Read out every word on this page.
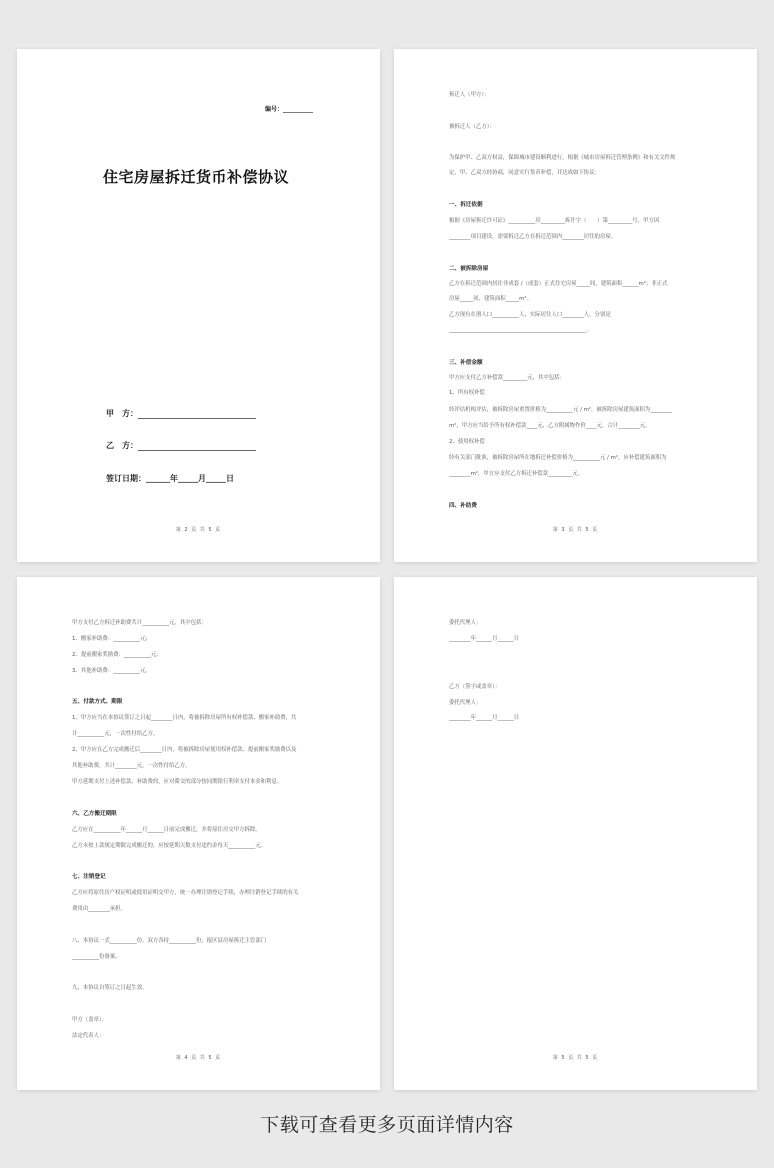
编号：__________
住宅房屋拆迁货币补偿协议
甲　方：
乙　方：
签订日期：______年_____月_____日
第 2 页 共 5 页
拆迁人（甲方）：
被拆迁人（乙方）：
为保护甲、乙双方权益，保障城市建设顺利进行，根据《城市房屋拆迁管理条例》和有关文件规
定，甲、乙双方经协商，同意实行货币补偿，并达成如下协议：
一、拆迁依据
根据《房屋拆迁许可证》__________房_________拆许字（　　）第_________号，甲方因
________项目建设，需要拆迁乙方在拆迁范围内________居住的房屋。
二、被拆除房屋
乙方在拆迁范围内居住非成套 /（成套）正式住宅房屋_____间，建筑面积______m²；非正式
房屋_____间，建筑面积_____m²。
乙方现有在册人口__________人，实际居住人口________人，分别是
___________________________________________________。
三、补偿金额
甲方应支付乙方补偿款_________元，其中包括：
1、所有权补偿
经评估机构评估，被拆除房屋重置价格为__________元 / m²，被拆除房屋建筑面积为________
m²，甲方应当给予所有权补偿款____元，乙方附属物作价____元，合计________元。
2、使用权补偿
经有关部门批准，被拆除房屋所在地拆迁补偿价格为__________元 / m²，应补偿建筑面积为
________m²，甲方应支付乙方拆迁补偿款_________元。
四、补助费
第 3 页 共 5 页
甲方支付乙方拆迁补助费共计__________元，其中包括：
1、搬家补助费：__________元；
2、提前搬家奖励费：__________元；
3、其他补助费：__________元。
五、付款方式、期限
1、甲方应当在本协议签订之日起________日内，将被拆除房屋所有权补偿款、搬家补助费，共
计__________元，一次性付给乙方。
2、甲方应在乙方完成搬迁后________日内，将被拆除房屋使用权补偿款、提前搬家奖励费以及
其他补助费，共计________元，一次性付给乙方。
甲方延期支付上述补偿款、补助费的，应对滞交的部分按同期银行利率支付本金和利息。
六、乙方搬迁期限
乙方应在__________年______月______日前完成搬迁，并将原住房交甲方拆除。
乙方未按上款规定期限完成搬迁的，应按延期天数支付违约金每天__________元。
七、注销登记
乙方应将原住房产权证明或使用证明交甲方，统一办理注销登记手续，办理注销登记手续的有关
费用由________承担。
八、本协议一式__________份，双方各持__________份，报区县房屋拆迁主管部门
__________份备案。
九、本协议自签订之日起生效。
甲方（盖章）：
法定代表人：
第 4 页 共 5 页
委托代理人：
________年______月______日
乙方（签字或盖章）：
委托代理人：
________年______月______日
第 5 页 共 5 页
下载可查看更多页面详情内容
